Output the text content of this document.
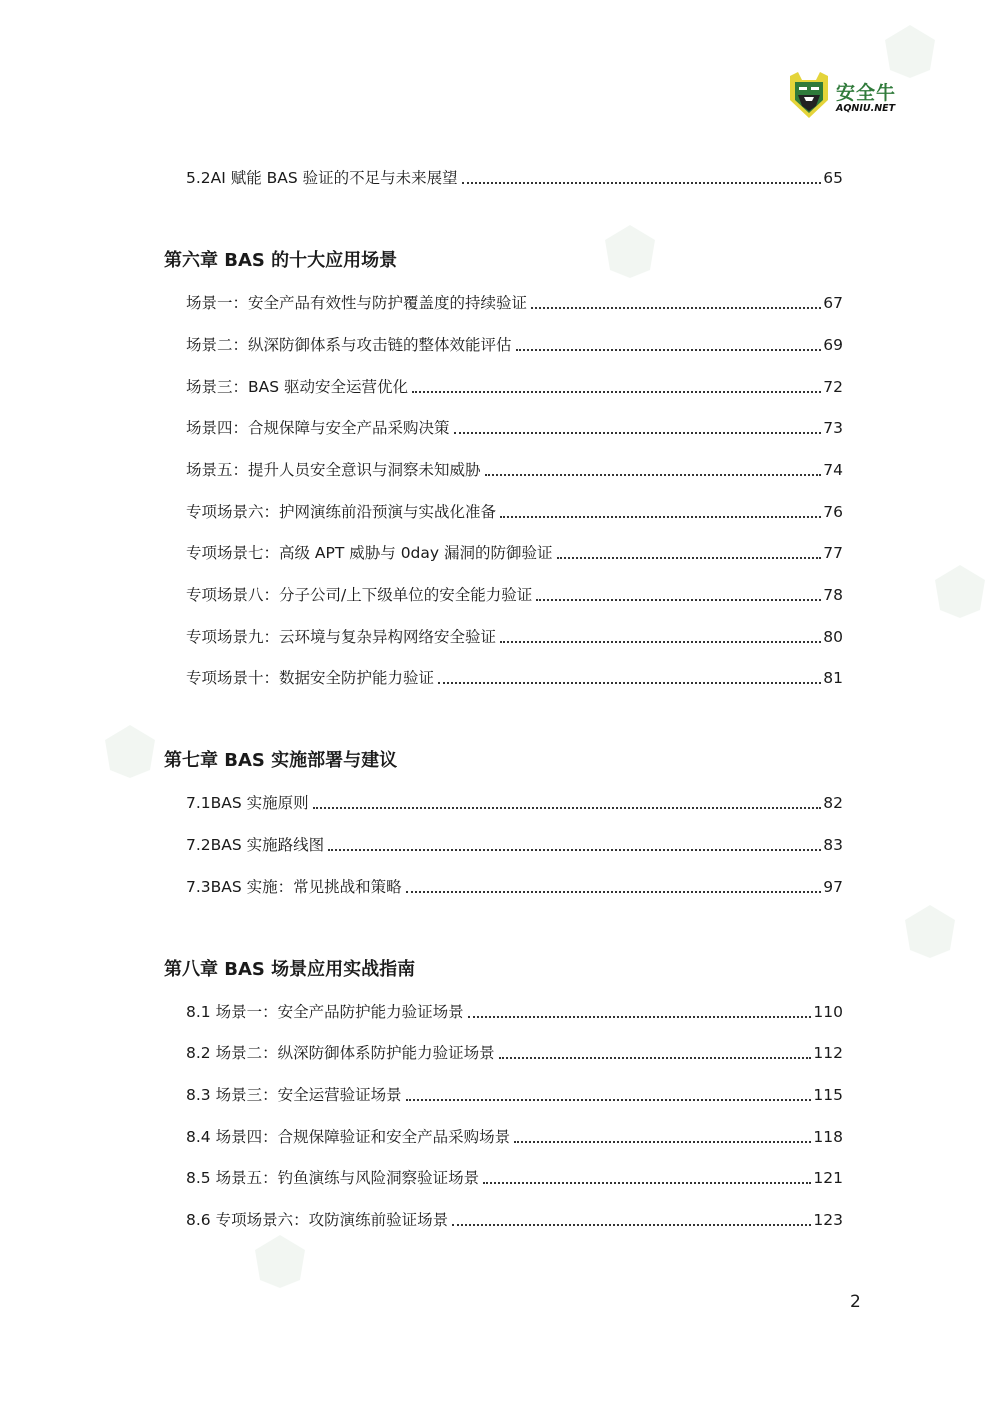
安全牛
AQNIU.NET
5.2AI 赋能 BAS 验证的不足与未来展望	65
第六章 BAS 的十大应用场景
场景一：安全产品有效性与防护覆盖度的持续验证	67
场景二：纵深防御体系与攻击链的整体效能评估	69
场景三：BAS 驱动安全运营优化	72
场景四：合规保障与安全产品采购决策	73
场景五：提升人员安全意识与洞察未知威胁	74
专项场景六：护网演练前沿预演与实战化准备	76
专项场景七：高级 APT 威胁与 0day 漏洞的防御验证	77
专项场景八：分子公司/上下级单位的安全能力验证	78
专项场景九：云环境与复杂异构网络安全验证	80
专项场景十：数据安全防护能力验证	81
第七章 BAS 实施部署与建议
7.1BAS 实施原则	82
7.2BAS 实施路线图	83
7.3BAS 实施：常见挑战和策略	97
第八章 BAS 场景应用实战指南
8.1 场景一：安全产品防护能力验证场景	110
8.2 场景二：纵深防御体系防护能力验证场景	112
8.3 场景三：安全运营验证场景	115
8.4 场景四：合规保障验证和安全产品采购场景	118
8.5 场景五：钓鱼演练与风险洞察验证场景	121
8.6 专项场景六：攻防演练前验证场景	123
2
